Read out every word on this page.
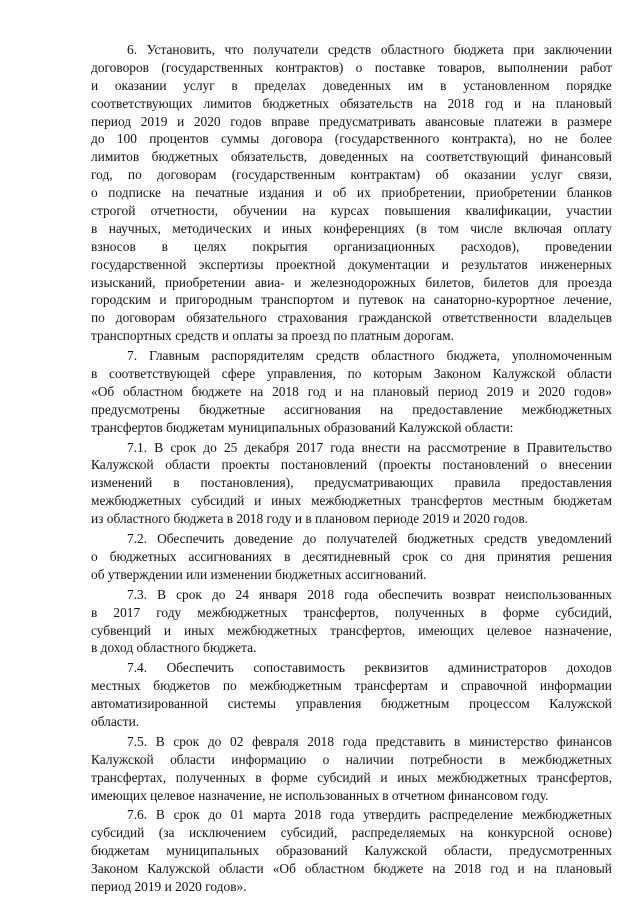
6. Установить, что получатели средств областного бюджета при заключении
договоров (государственных контрактов) о поставке товаров, выполнении работ
и оказании услуг в пределах доведенных им в установленном порядке
соответствующих лимитов бюджетных обязательств на 2018 год и на плановый
период 2019 и 2020 годов вправе предусматривать авансовые платежи в размере
до 100 процентов суммы договора (государственного контракта), но не более
лимитов бюджетных обязательств, доведенных на соответствующий финансовый
год, по договорам (государственным контрактам) об оказании услуг связи,
о подписке на печатные издания и об их приобретении, приобретении бланков
строгой отчетности, обучении на курсах повышения квалификации, участии
в научных, методических и иных конференциях (в том числе включая оплату
взносов в целях покрытия организационных расходов), проведении
государственной экспертизы проектной документации и результатов инженерных
изысканий, приобретении авиа- и железнодорожных билетов, билетов для проезда
городским и пригородным транспортом и путевок на санаторно-курортное лечение,
по договорам обязательного страхования гражданской ответственности владельцев
транспортных средств и оплаты за проезд по платным дорогам.
7. Главным распорядителям средств областного бюджета, уполномоченным
в соответствующей сфере управления, по которым Законом Калужской области
«Об областном бюджете на 2018 год и на плановый период 2019 и 2020 годов»
предусмотрены бюджетные ассигнования на предоставление межбюджетных
трансфертов бюджетам муниципальных образований Калужской области:
7.1. В срок до 25 декабря 2017 года внести на рассмотрение в Правительство
Калужской области проекты постановлений (проекты постановлений о внесении
изменений в постановления), предусматривающих правила предоставления
межбюджетных субсидий и иных межбюджетных трансфертов местным бюджетам
из областного бюджета в 2018 году и в плановом периоде 2019 и 2020 годов.
7.2. Обеспечить доведение до получателей бюджетных средств уведомлений
о бюджетных ассигнованиях в десятидневный срок со дня принятия решения
об утверждении или изменении бюджетных ассигнований.
7.3. В срок до 24 января 2018 года обеспечить возврат неиспользованных
в 2017 году межбюджетных трансфертов, полученных в форме субсидий,
субвенций и иных межбюджетных трансфертов, имеющих целевое назначение,
в доход областного бюджета.
7.4. Обеспечить сопоставимость реквизитов администраторов доходов
местных бюджетов по межбюджетным трансфертам и справочной информации
автоматизированной системы управления бюджетным процессом Калужской
области.
7.5. В срок до 02 февраля 2018 года представить в министерство финансов
Калужской области информацию о наличии потребности в межбюджетных
трансфертах, полученных в форме субсидий и иных межбюджетных трансфертов,
имеющих целевое назначение, не использованных в отчетном финансовом году.
7.6. В срок до 01 марта 2018 года утвердить распределение межбюджетных
субсидий (за исключением субсидий, распределяемых на конкурсной основе)
бюджетам муниципальных образований Калужской области, предусмотренных
Законом Калужской области «Об областном бюджете на 2018 год и на плановый
период 2019 и 2020 годов».
